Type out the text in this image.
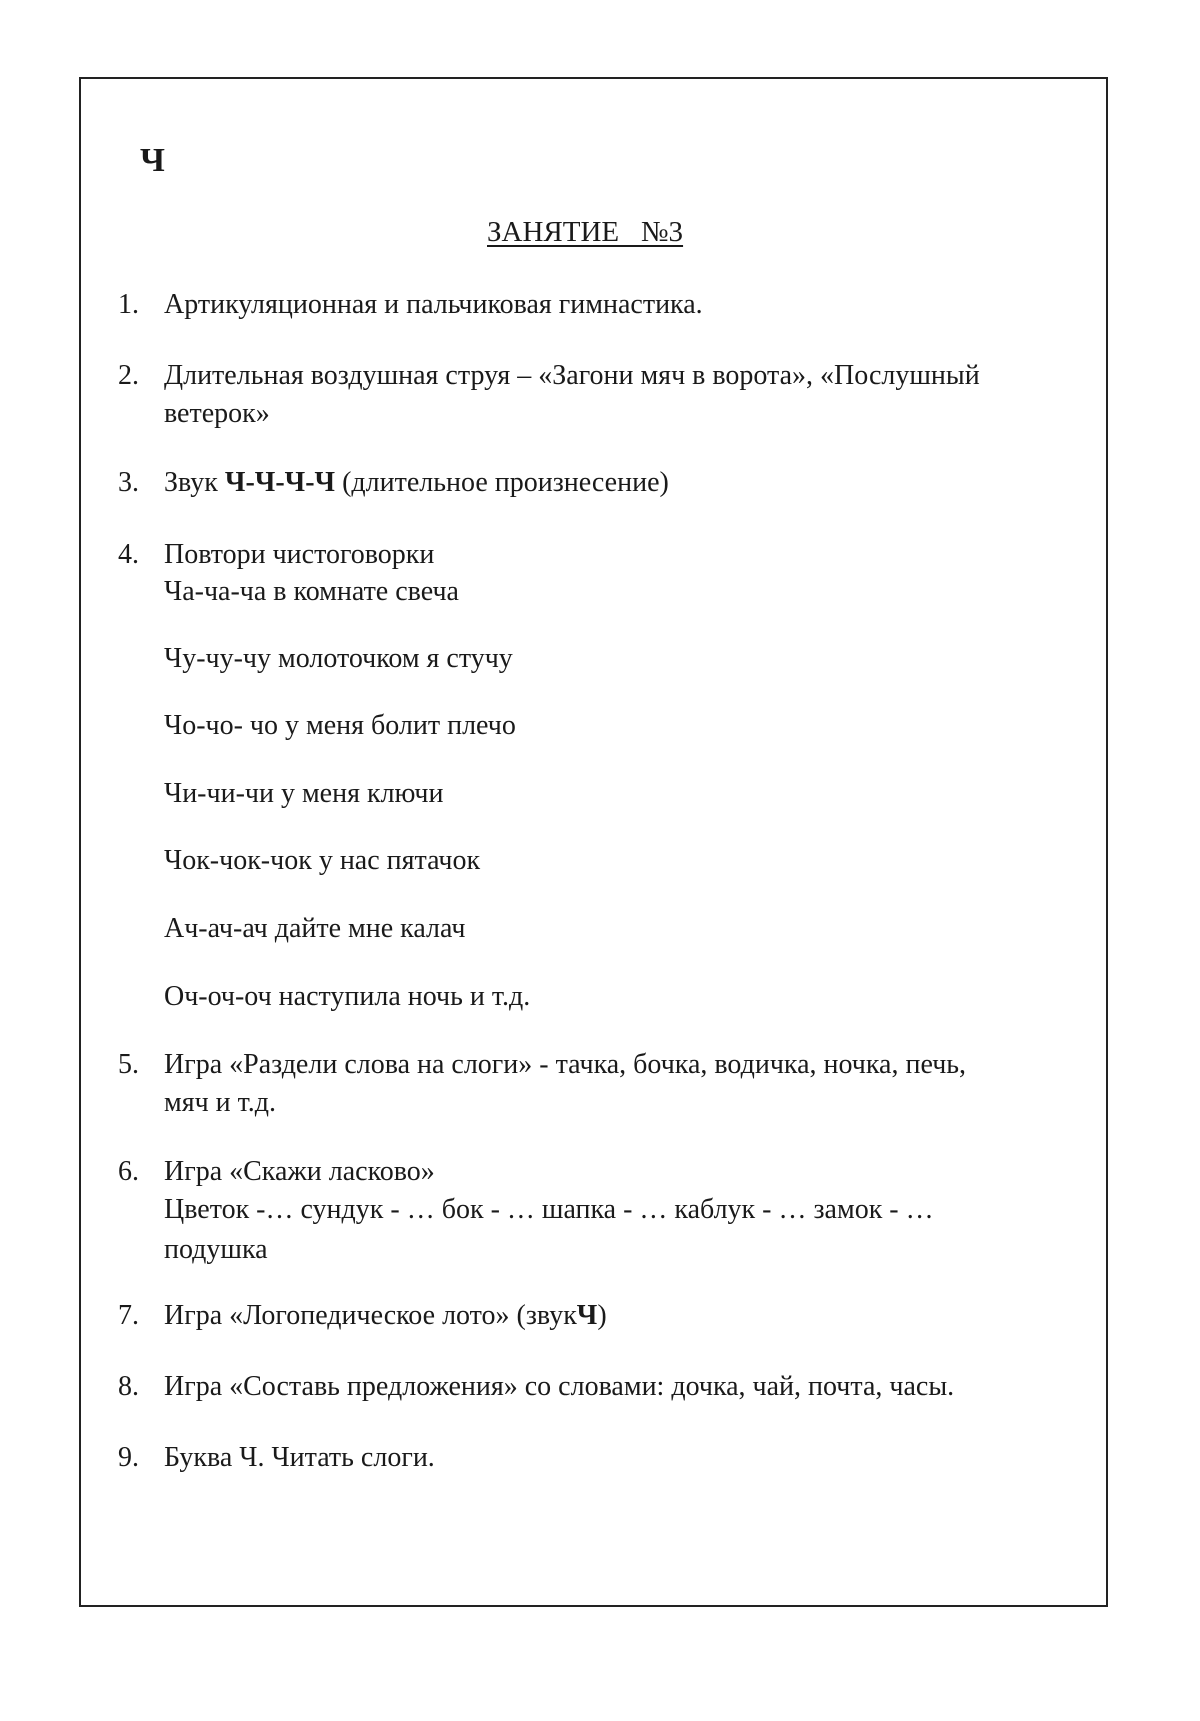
Ч
ЗАНЯТИЕ   №3
1. Артикуляционная и пальчиковая гимнастика.
2. Длительная воздушная струя – «Загони мяч в ворота», «Послушный
ветерок»
3. Звук Ч-Ч-Ч-Ч (длительное произнесение)
4. Повтори чистоговорки
Ча-ча-ча в комнате свеча
Чу-чу-чу молоточком я стучу
Чо-чо- чо у меня болит плечо
Чи-чи-чи у меня ключи
Чок-чок-чок у нас пятачок
Ач-ач-ач дайте мне калач
Оч-оч-оч наступила ночь и т.д.
5. Игра «Раздели слова на слоги» - тачка, бочка, водичка, ночка, печь,
мяч и т.д.
6. Игра «Скажи ласково»
Цветок -… сундук - … бок - … шапка - … каблук - … замок - …
подушка
7. Игра «Логопедическое лото» (звукЧ)
8. Игра «Составь предложения» со словами: дочка, чай, почта, часы.
9. Буква Ч. Читать слоги.
